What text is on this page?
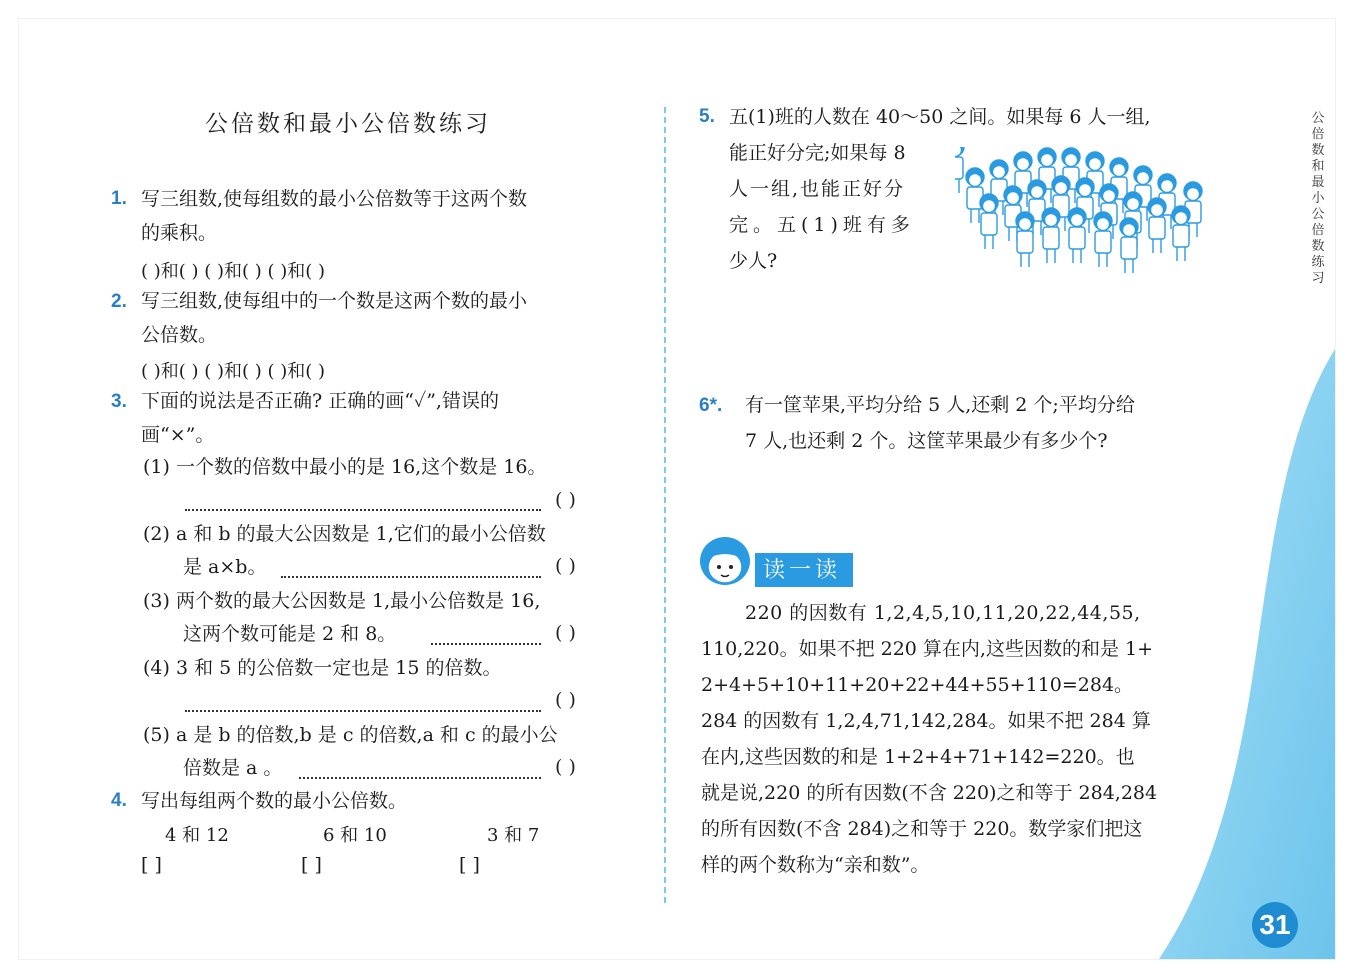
公倍数和最小公倍数练习
1. 写三组数,使每组数的最小公倍数等于这两个数
的乘积。
( )和( ) ( )和( ) ( )和( )
2. 写三组数,使每组中的一个数是这两个数的最小
公倍数。
( )和( ) ( )和( ) ( )和( )
3. 下面的说法是否正确? 正确的画“✓”,错误的
画“×”。
(1) 一个数的倍数中最小的是 16,这个数是 16。
( )
(2) a 和 b 的最大公因数是 1,它们的最小公倍数
是 a×b。	( )
(3) 两个数的最大公因数是 1,最小公倍数是 16,
这两个数可能是 2 和 8。	( )
(4) 3 和 5 的公倍数一定也是 15 的倍数。
( )
(5) a 是 b 的倍数,b 是 c 的倍数,a 和 c 的最小公
倍数是 a 。	( )
4. 写出每组两个数的最小公倍数。
4 和 12	6 和 10	3 和 7
[ ]	[ ]	[ ]
5. 五(1)班的人数在 40～50 之间。如果每 6 人一组,
能正好分完;如果每 8
人一组,也能正好分
完。五(1)班有多
少人?
6*. 有一筐苹果,平均分给 5 人,还剩 2 个;平均分给
7 人,也还剩 2 个。这筐苹果最少有多少个?
读一读
220 的因数有 1,2,4,5,10,11,20,22,44,55,
110,220。如果不把 220 算在内,这些因数的和是 1+
2+4+5+10+11+20+22+44+55+110=284。
284 的因数有 1,2,4,71,142,284。如果不把 284 算
在内,这些因数的和是 1+2+4+71+142=220。也
就是说,220 的所有因数(不含 220)之和等于 284,284
的所有因数(不含 284)之和等于 220。数学家们把这
样的两个数称为“亲和数”。
公倍数和最小公倍数练习
31
